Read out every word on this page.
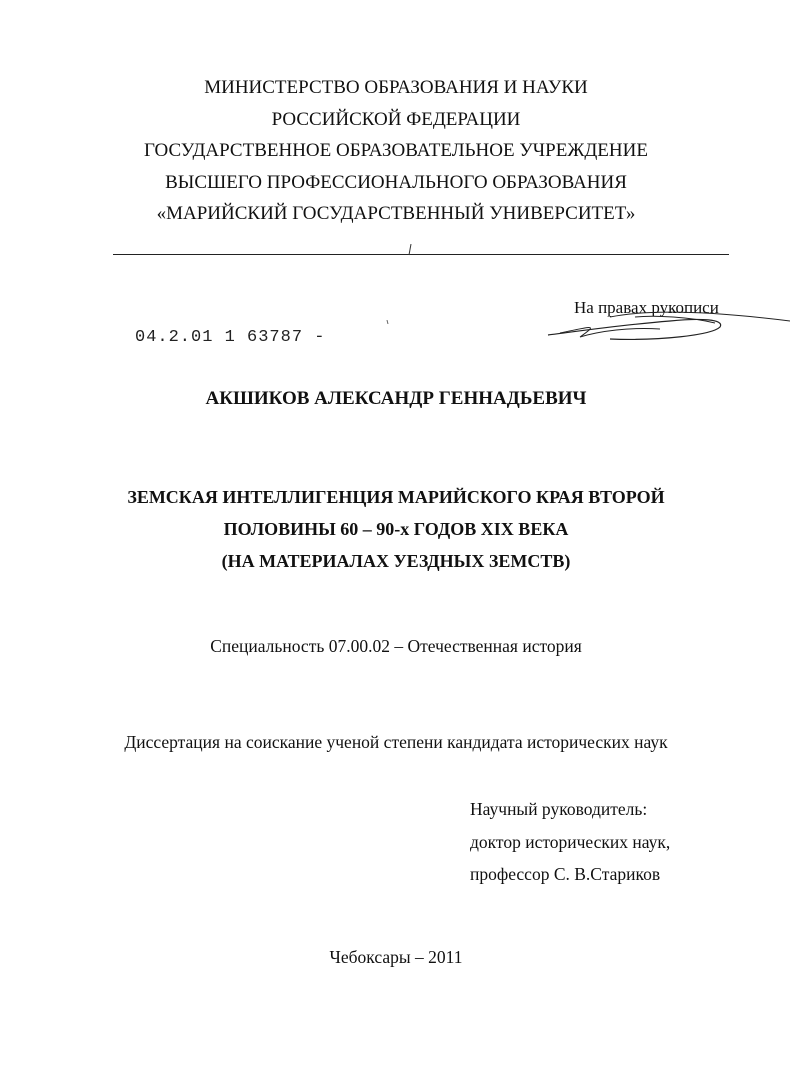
МИНИСТЕРСТВО ОБРАЗОВАНИЯ И НАУКИ
РОССИЙСКОЙ ФЕДЕРАЦИИ
ГОСУДАРСТВЕННОЕ ОБРАЗОВАТЕЛЬНОЕ УЧРЕЖДЕНИЕ
ВЫСШЕГО ПРОФЕССИОНАЛЬНОГО ОБРАЗОВАНИЯ
«МАРИЙСКИЙ ГОСУДАРСТВЕННЫЙ УНИВЕРСИТЕТ»
На правах рукописи
04.2.01 1 63787 -
АКШИКОВ АЛЕКСАНДР ГЕННАДЬЕВИЧ
ЗЕМСКАЯ ИНТЕЛЛИГЕНЦИЯ МАРИЙСКОГО КРАЯ ВТОРОЙ
ПОЛОВИНЫ 60 – 90-х ГОДОВ XIX ВЕКА
(НА МАТЕРИАЛАХ УЕЗДНЫХ ЗЕМСТВ)
Специальность 07.00.02 – Отечественная история
Диссертация на соискание ученой степени кандидата исторических наук
Научный руководитель:
доктор исторических наук,
профессор С. В.Стариков
Чебоксары – 2011
